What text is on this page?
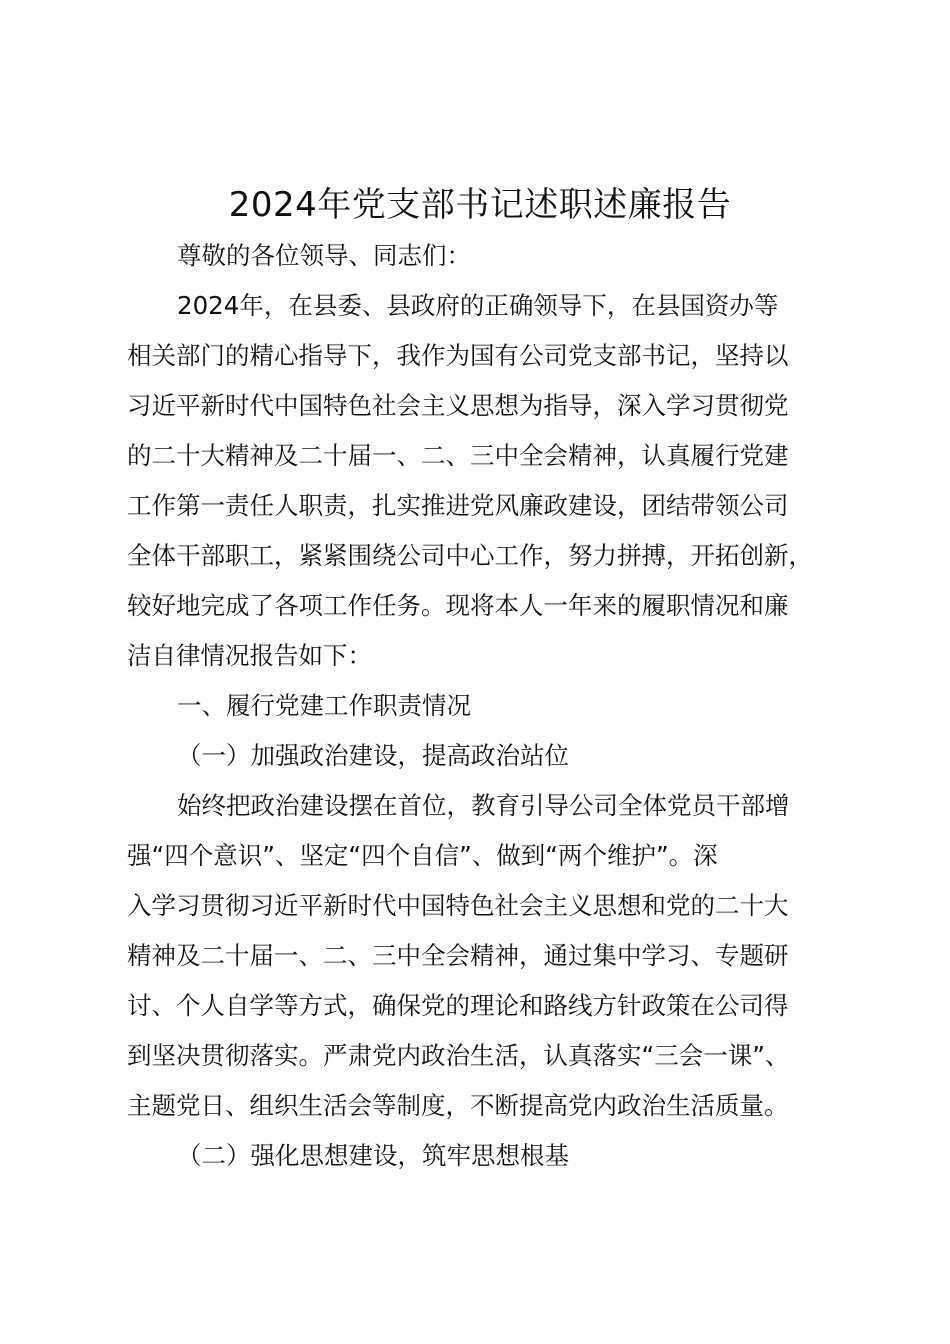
2024年党支部书记述职述廉报告
尊敬的各位领导、同志们：
2024年，在县委、县政府的正确领导下，在县国资办等
相关部门的精心指导下，我作为国有公司党支部书记，坚持以
习近平新时代中国特色社会主义思想为指导，深入学习贯彻党
的二十大精神及二十届一、二、三中全会精神，认真履行党建
工作第一责任人职责，扎实推进党风廉政建设，团结带领公司
全体干部职工，紧紧围绕公司中心工作，努力拼搏，开拓创新，
较好地完成了各项工作任务。现将本人一年来的履职情况和廉
洁自律情况报告如下：
一、履行党建工作职责情况
（一）加强政治建设，提高政治站位
始终把政治建设摆在首位，教育引导公司全体党员干部增
强“四个意识”、坚定“四个自信”、做到“两个维护”。深
入学习贯彻习近平新时代中国特色社会主义思想和党的二十大
精神及二十届一、二、三中全会精神，通过集中学习、专题研
讨、个人自学等方式，确保党的理论和路线方针政策在公司得
到坚决贯彻落实。严肃党内政治生活，认真落实“三会一课”、
主题党日、组织生活会等制度，不断提高党内政治生活质量。
（二）强化思想建设，筑牢思想根基
